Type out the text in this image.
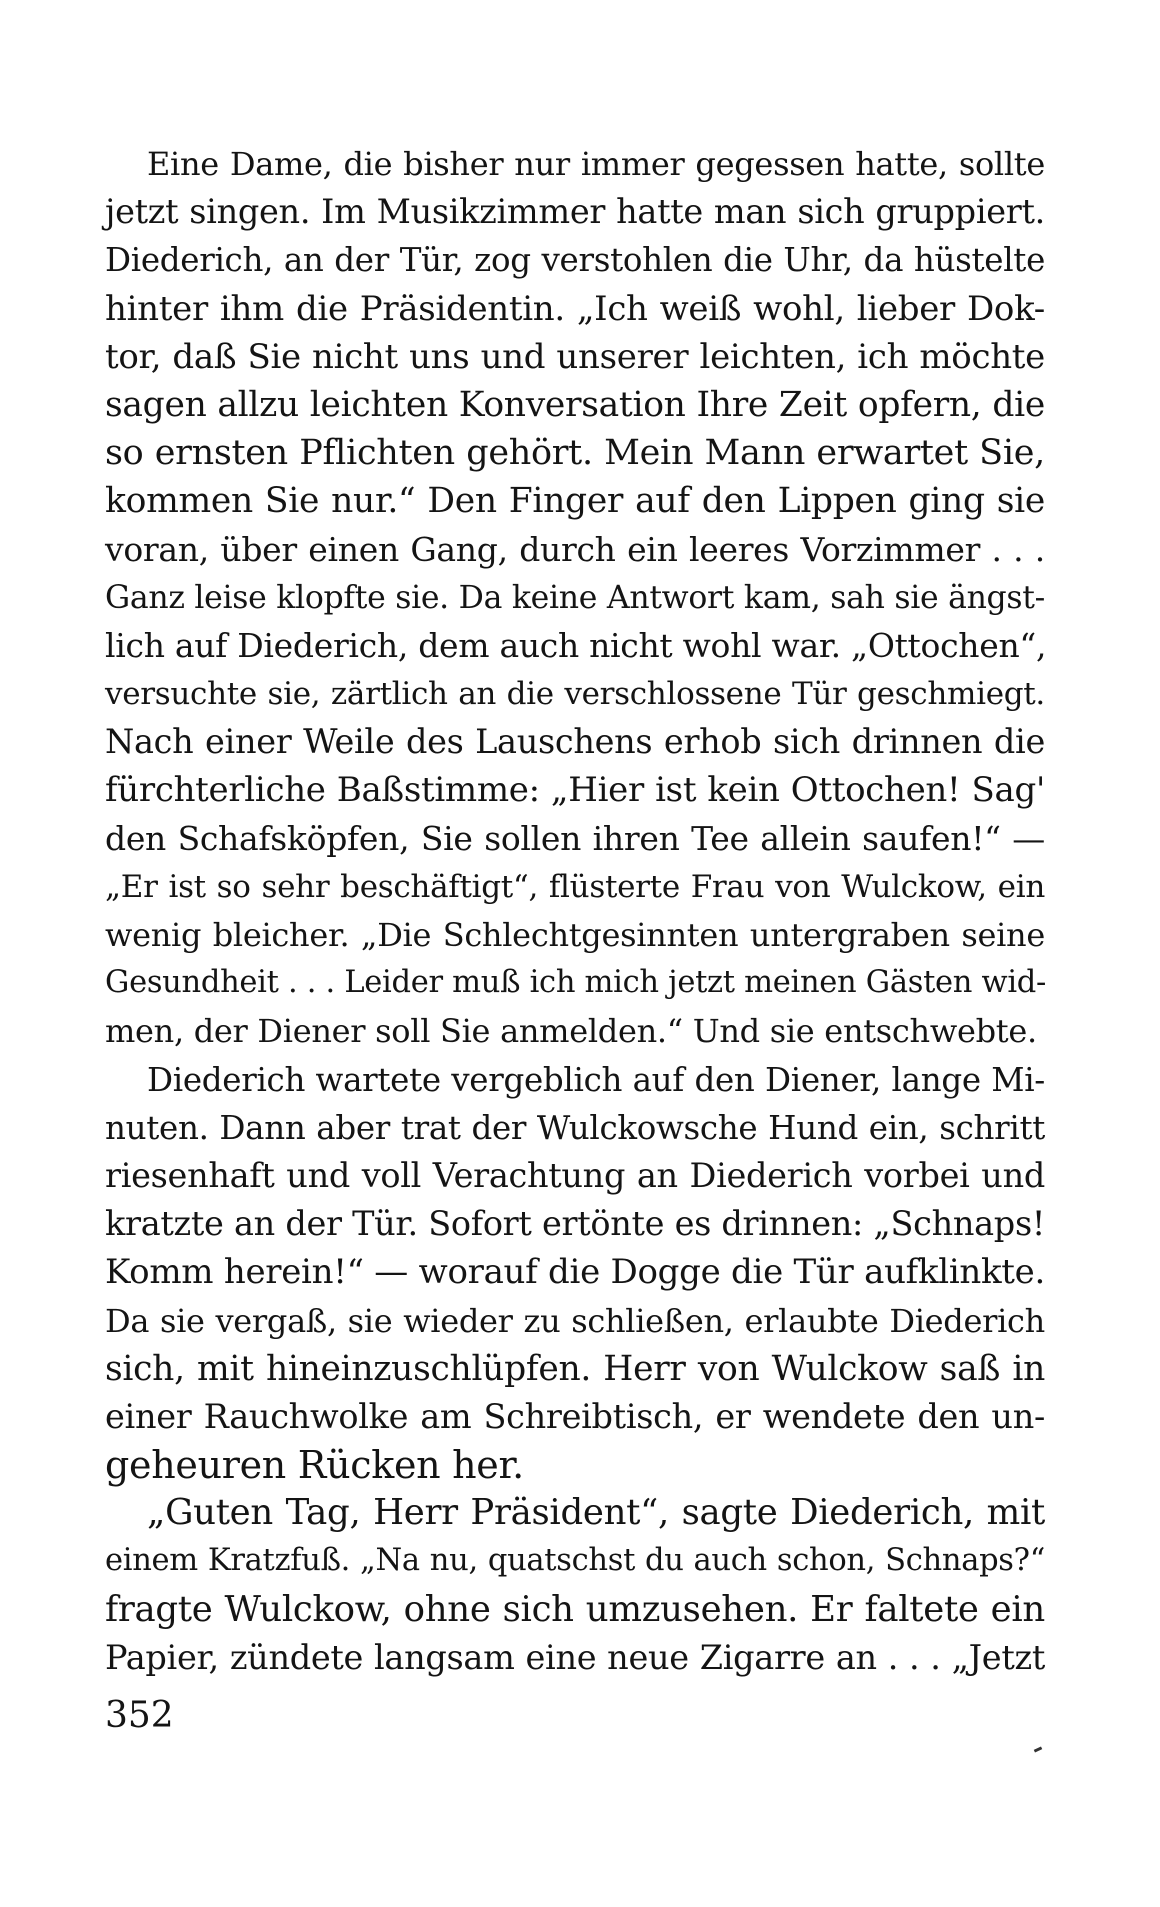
Eine Dame, die bisher nur immer gegessen hatte, sollte
jetzt singen. Im Musikzimmer hatte man sich gruppiert.
Diederich, an der Tür, zog verstohlen die Uhr, da hüstelte
hinter ihm die Präsidentin. „Ich weiß wohl, lieber Dok-
tor, daß Sie nicht uns und unserer leichten, ich möchte
sagen allzu leichten Konversation Ihre Zeit opfern, die
so ernsten Pflichten gehört. Mein Mann erwartet Sie,
kommen Sie nur.“ Den Finger auf den Lippen ging sie
voran, über einen Gang, durch ein leeres Vorzimmer . . .
Ganz leise klopfte sie. Da keine Antwort kam, sah sie ängst-
lich auf Diederich, dem auch nicht wohl war. „Ottochen“,
versuchte sie, zärtlich an die verschlossene Tür geschmiegt.
Nach einer Weile des Lauschens erhob sich drinnen die
fürchterliche Baßstimme: „Hier ist kein Ottochen! Sag'
den Schafsköpfen, Sie sollen ihren Tee allein saufen!“ —
„Er ist so sehr beschäftigt“, flüsterte Frau von Wulckow, ein
wenig bleicher. „Die Schlechtgesinnten untergraben seine
Gesundheit . . . Leider muß ich mich jetzt meinen Gästen wid-
men, der Diener soll Sie anmelden.“ Und sie entschwebte.
Diederich wartete vergeblich auf den Diener, lange Mi-
nuten. Dann aber trat der Wulckowsche Hund ein, schritt
riesenhaft und voll Verachtung an Diederich vorbei und
kratzte an der Tür. Sofort ertönte es drinnen: „Schnaps!
Komm herein!“ — worauf die Dogge die Tür aufklinkte.
Da sie vergaß, sie wieder zu schließen, erlaubte Diederich
sich, mit hineinzuschlüpfen. Herr von Wulckow saß in
einer Rauchwolke am Schreibtisch, er wendete den un-
geheuren Rücken her.
„Guten Tag, Herr Präsident“, sagte Diederich, mit
einem Kratzfuß. „Na nu, quatschst du auch schon, Schnaps?“
fragte Wulckow, ohne sich umzusehen. Er faltete ein
Papier, zündete langsam eine neue Zigarre an . . . „Jetzt
352
